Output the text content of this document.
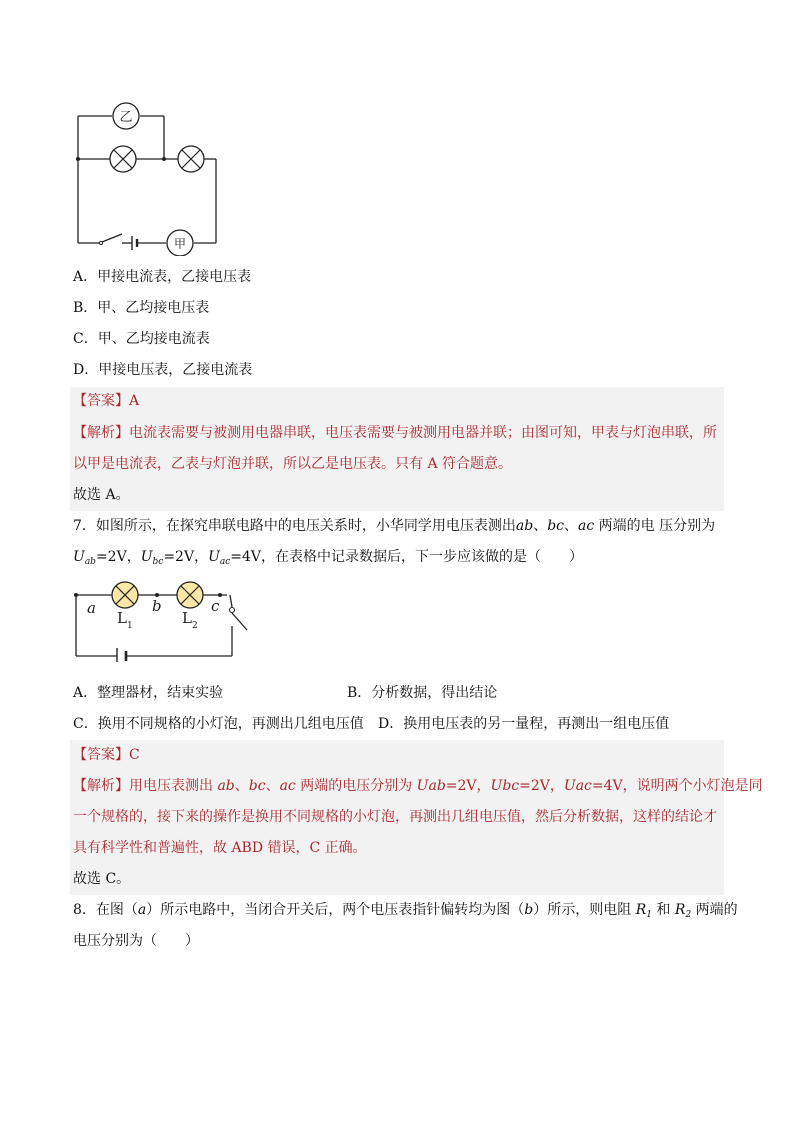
乙
甲
A．甲接电流表，乙接电压表
B．甲、乙均接电压表
C．甲、乙均接电流表
D．甲接电压表，乙接电流表
【答案】A
【解析】电流表需要与被测用电器串联，电压表需要与被测用电器并联；由图可知，甲表与灯泡串联，所
以甲是电流表，乙表与灯泡并联，所以乙是电压表。只有 A 符合题意。
故选 A。
7．如图所示，在探究串联电路中的电压关系时，小华同学用电压表测出ab、bc、ac 两端的电 压分别为
$U_{ab}=2V$，$U_{bc}=2V$，$U_{ac}=4V$，在表格中记录数据后，下一步应该做的是（　　）
a	b	c
L 1	L 2
A．整理器材，结束实验	B．分析数据，得出结论
C．换用不同规格的小灯泡，再测出几组电压值 D．换用电压表的另一量程，再测出一组电压值
【答案】C
【解析】用电压表测出 ab、bc、ac 两端的电压分别为 Uab=2V，Ubc=2V，Uac=4V，说明两个小灯泡是同
一个规格的，接下来的操作是换用不同规格的小灯泡，再测出几组电压值，然后分析数据，这样的结论才
具有科学性和普遍性，故 ABD 错误，C 正确。
故选 C。
8．在图（a）所示电路中，当闭合开关后，两个电压表指针偏转均为图（b）所示，则电阻 $R_1$ 和 $R_2$ 两端的
电压分别为（　　）
